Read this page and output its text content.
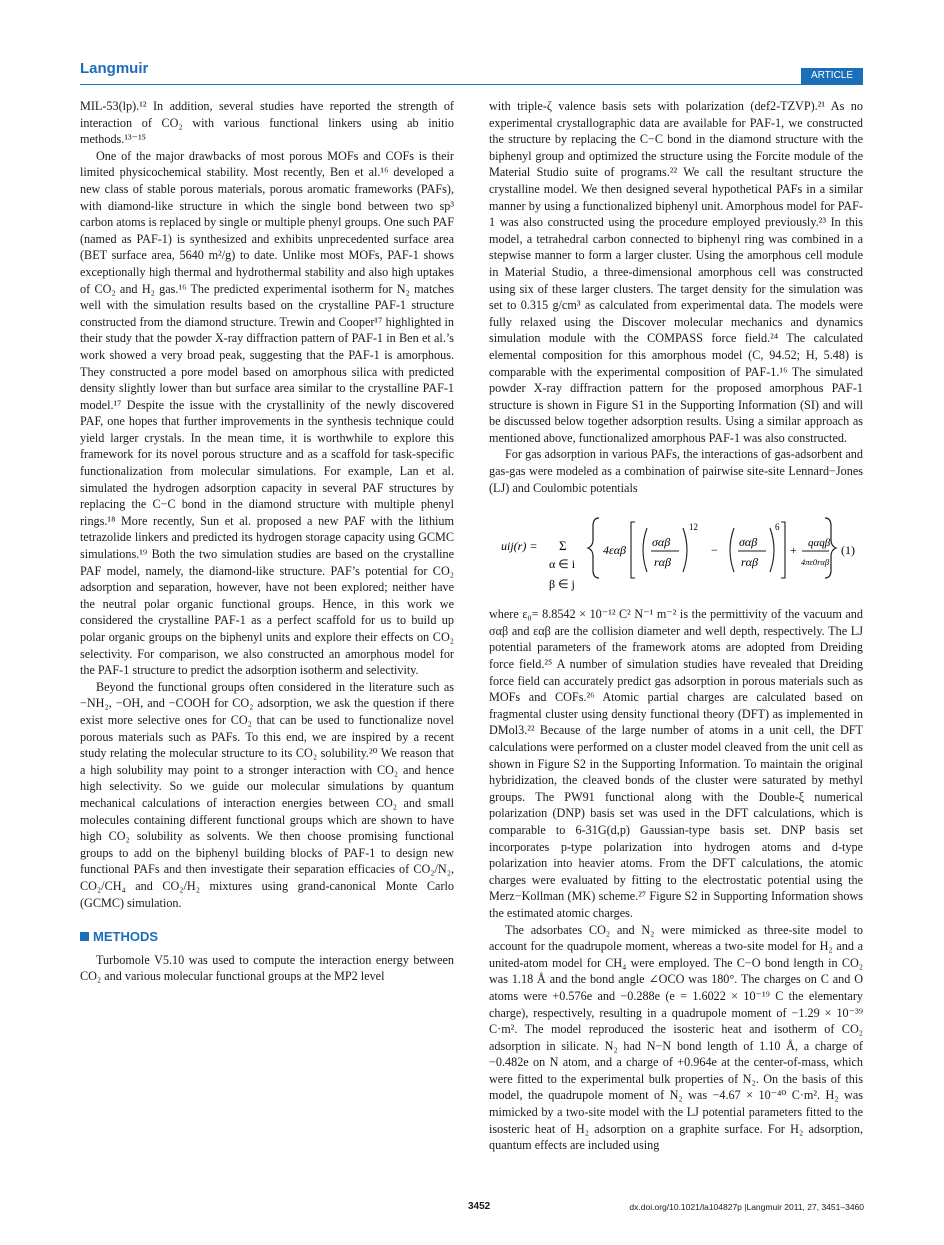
Langmuir	ARTICLE

MIL-53(lp).¹² In addition, several studies have reported the strength of interaction of CO₂ with various functional linkers using ab initio methods.¹³⁻¹⁵

One of the major drawbacks of most porous MOFs and COFs is their limited physicochemical stability. Most recently, Ben et al.¹⁶ developed a new class of stable porous materials, porous aromatic frameworks (PAFs), with diamond-like structure in which the single bond between two sp³ carbon atoms is replaced by single or multiple phenyl groups. One such PAF (named as PAF-1) is synthesized and exhibits unprecedented surface area (BET surface area, 5640 m²/g) to date. Unlike most MOFs, PAF-1 shows exceptionally high thermal and hydrothermal stability and also high uptakes of CO₂ and H₂ gas.¹⁶ The predicted experimental isotherm for N₂ matches well with the simulation results based on the crystalline PAF-1 structure constructed from the diamond structure. Trewin and Cooper¹⁷ highlighted in their study that the powder X-ray diffraction pattern of PAF-1 in Ben et al.’s work showed a very broad peak, suggesting that the PAF-1 is amorphous. They constructed a pore model based on amorphous silica with predicted density slightly lower than but surface area similar to the crystalline PAF-1 model.¹⁷ Despite the issue with the crystallinity of the newly discovered PAF, one hopes that further improvements in the synthesis technique could yield larger crystals. In the mean time, it is worthwhile to explore this framework for its novel porous structure and as a scaffold for task-specific functionalization from molecular simulations. For example, Lan et al. simulated the hydrogen adsorption capacity in several PAF structures by replacing the C−C bond in the diamond structure with multiple phenyl rings.¹⁸ More recently, Sun et al. proposed a new PAF with the lithium tetrazolide linkers and predicted its hydrogen storage capacity using GCMC simulations.¹⁹ Both the two simulation studies are based on the crystalline PAF model, namely, the diamond-like structure. PAF’s potential for CO₂ adsorption and separation, however, have not been explored; neither have the neutral polar organic functional groups. Hence, in this work we considered the crystalline PAF-1 as a perfect scaffold for us to build up polar organic groups on the biphenyl units and explore their effects on CO₂ selectivity. For comparison, we also constructed an amorphous model for the PAF-1 structure to predict the adsorption isotherm and selectivity.

Beyond the functional groups often considered in the literature such as −NH₂, −OH, and −COOH for CO₂ adsorption, we ask the question if there exist more selective ones for CO₂ that can be used to functionalize novel porous materials such as PAFs. To this end, we are inspired by a recent study relating the molecular structure to its CO₂ solubility.²⁰ We reason that a high solubility may point to a stronger interaction with CO₂ and hence high selectivity. So we guide our molecular simulations by quantum mechanical calculations of interaction energies between CO₂ and small molecules containing different functional groups which are shown to have high CO₂ solubility as solvents. We then choose promising functional groups to add on the biphenyl building blocks of PAF-1 to design new functional PAFs and then investigate their separation efficacies of CO₂/N₂, CO₂/CH₄ and CO₂/H₂ mixtures using grand-canonical Monte Carlo (GCMC) simulation.

METHODS

Turbomole V5.10 was used to compute the interaction energy between CO₂ and various molecular functional groups at the MP2 level

with triple-ζ valence basis sets with polarization (def2-TZVP).²¹ As no experimental crystallographic data are available for PAF-1, we constructed the structure by replacing the C−C bond in the diamond structure with the biphenyl group and optimized the structure using the Forcite module of the Material Studio suite of programs.²² We call the resultant structure the crystalline model. We then designed several hypothetical PAFs in a similar manner by using a functionalized biphenyl unit. Amorphous model for PAF-1 was also constructed using the procedure employed previously.²³ In this model, a tetrahedral carbon connected to biphenyl ring was combined in a stepwise manner to form a larger cluster. Using the amorphous cell module in Material Studio, a three-dimensional amorphous cell was constructed using six of these larger clusters. The target density for the simulation was set to 0.315 g/cm³ as calculated from experimental data. The models were fully relaxed using the Discover molecular mechanics and dynamics simulation module with the COMPASS force field.²⁴ The calculated elemental composition for this amorphous model (C, 94.52; H, 5.48) is comparable with the experimental composition of PAF-1.¹⁶ The simulated powder X-ray diffraction pattern for the proposed amorphous PAF-1 structure is shown in Figure S1 in the Supporting Information (SI) and will be discussed below together adsorption results. Using a similar approach as mentioned above, functionalized amorphous PAF-1 was also constructed.

For gas adsorption in various PAFs, the interactions of gas-adsorbent and gas-gas were modeled as a combination of pairwise site-site Lennard−Jones (LJ) and Coulombic potentials

uij(r) = Σ
α ∈ i
β ∈ j
4εαβ
σαβ
rαβ
12
−
σαβ
rαβ
6
+ qαqβ
4πε0rαβ
(1)

where ε₀= 8.8542 × 10⁻¹² C² N⁻¹ m⁻² is the permittivity of the vacuum and σαβ and εαβ are the collision diameter and well depth, respectively. The LJ potential parameters of the framework atoms are adopted from Dreiding force field.²⁵ A number of simulation studies have revealed that Dreiding force field can accurately predict gas adsorption in porous materials such as MOFs and COFs.²⁶ Atomic partial charges are calculated based on fragmental cluster using density functional theory (DFT) as implemented in DMol3.²² Because of the large number of atoms in a unit cell, the DFT calculations were performed on a cluster model cleaved from the unit cell as shown in Figure S2 in the Supporting Information. To maintain the original hybridization, the cleaved bonds of the cluster were saturated by methyl groups. The PW91 functional along with the Double-ξ numerical polarization (DNP) basis set was used in the DFT calculations, which is comparable to 6-31G(d,p) Gaussian-type basis set. DNP basis set incorporates p-type polarization into hydrogen atoms and d-type polarization into heavier atoms. From the DFT calculations, the atomic charges were evaluated by fitting to the electrostatic potential using the Merz−Kollman (MK) scheme.²⁷ Figure S2 in Supporting Information shows the estimated atomic charges.

The adsorbates CO₂ and N₂ were mimicked as three-site model to account for the quadrupole moment, whereas a two-site model for H₂ and a united-atom model for CH₄ were employed. The C−O bond length in CO₂ was 1.18 Å and the bond angle ∠OCO was 180°. The charges on C and O atoms were +0.576e and −0.288e (e = 1.6022 × 10⁻¹⁹ C the elementary charge), respectively, resulting in a quadrupole moment of −1.29 × 10⁻³⁹ C·m². The model reproduced the isosteric heat and isotherm of CO₂ adsorption in silicate. N₂ had N−N bond length of 1.10 Å, a charge of −0.482e on N atom, and a charge of +0.964e at the center-of-mass, which were fitted to the experimental bulk properties of N₂. On the basis of this model, the quadrupole moment of N₂ was −4.67 × 10⁻⁴⁰ C·m². H₂ was mimicked by a two-site model with the LJ potential parameters fitted to the isosteric heat of H₂ adsorption on a graphite surface. For H₂ adsorption, quantum effects are included using

3452	dx.doi.org/10.1021/la104827p |Langmuir 2011, 27, 3451–3460
